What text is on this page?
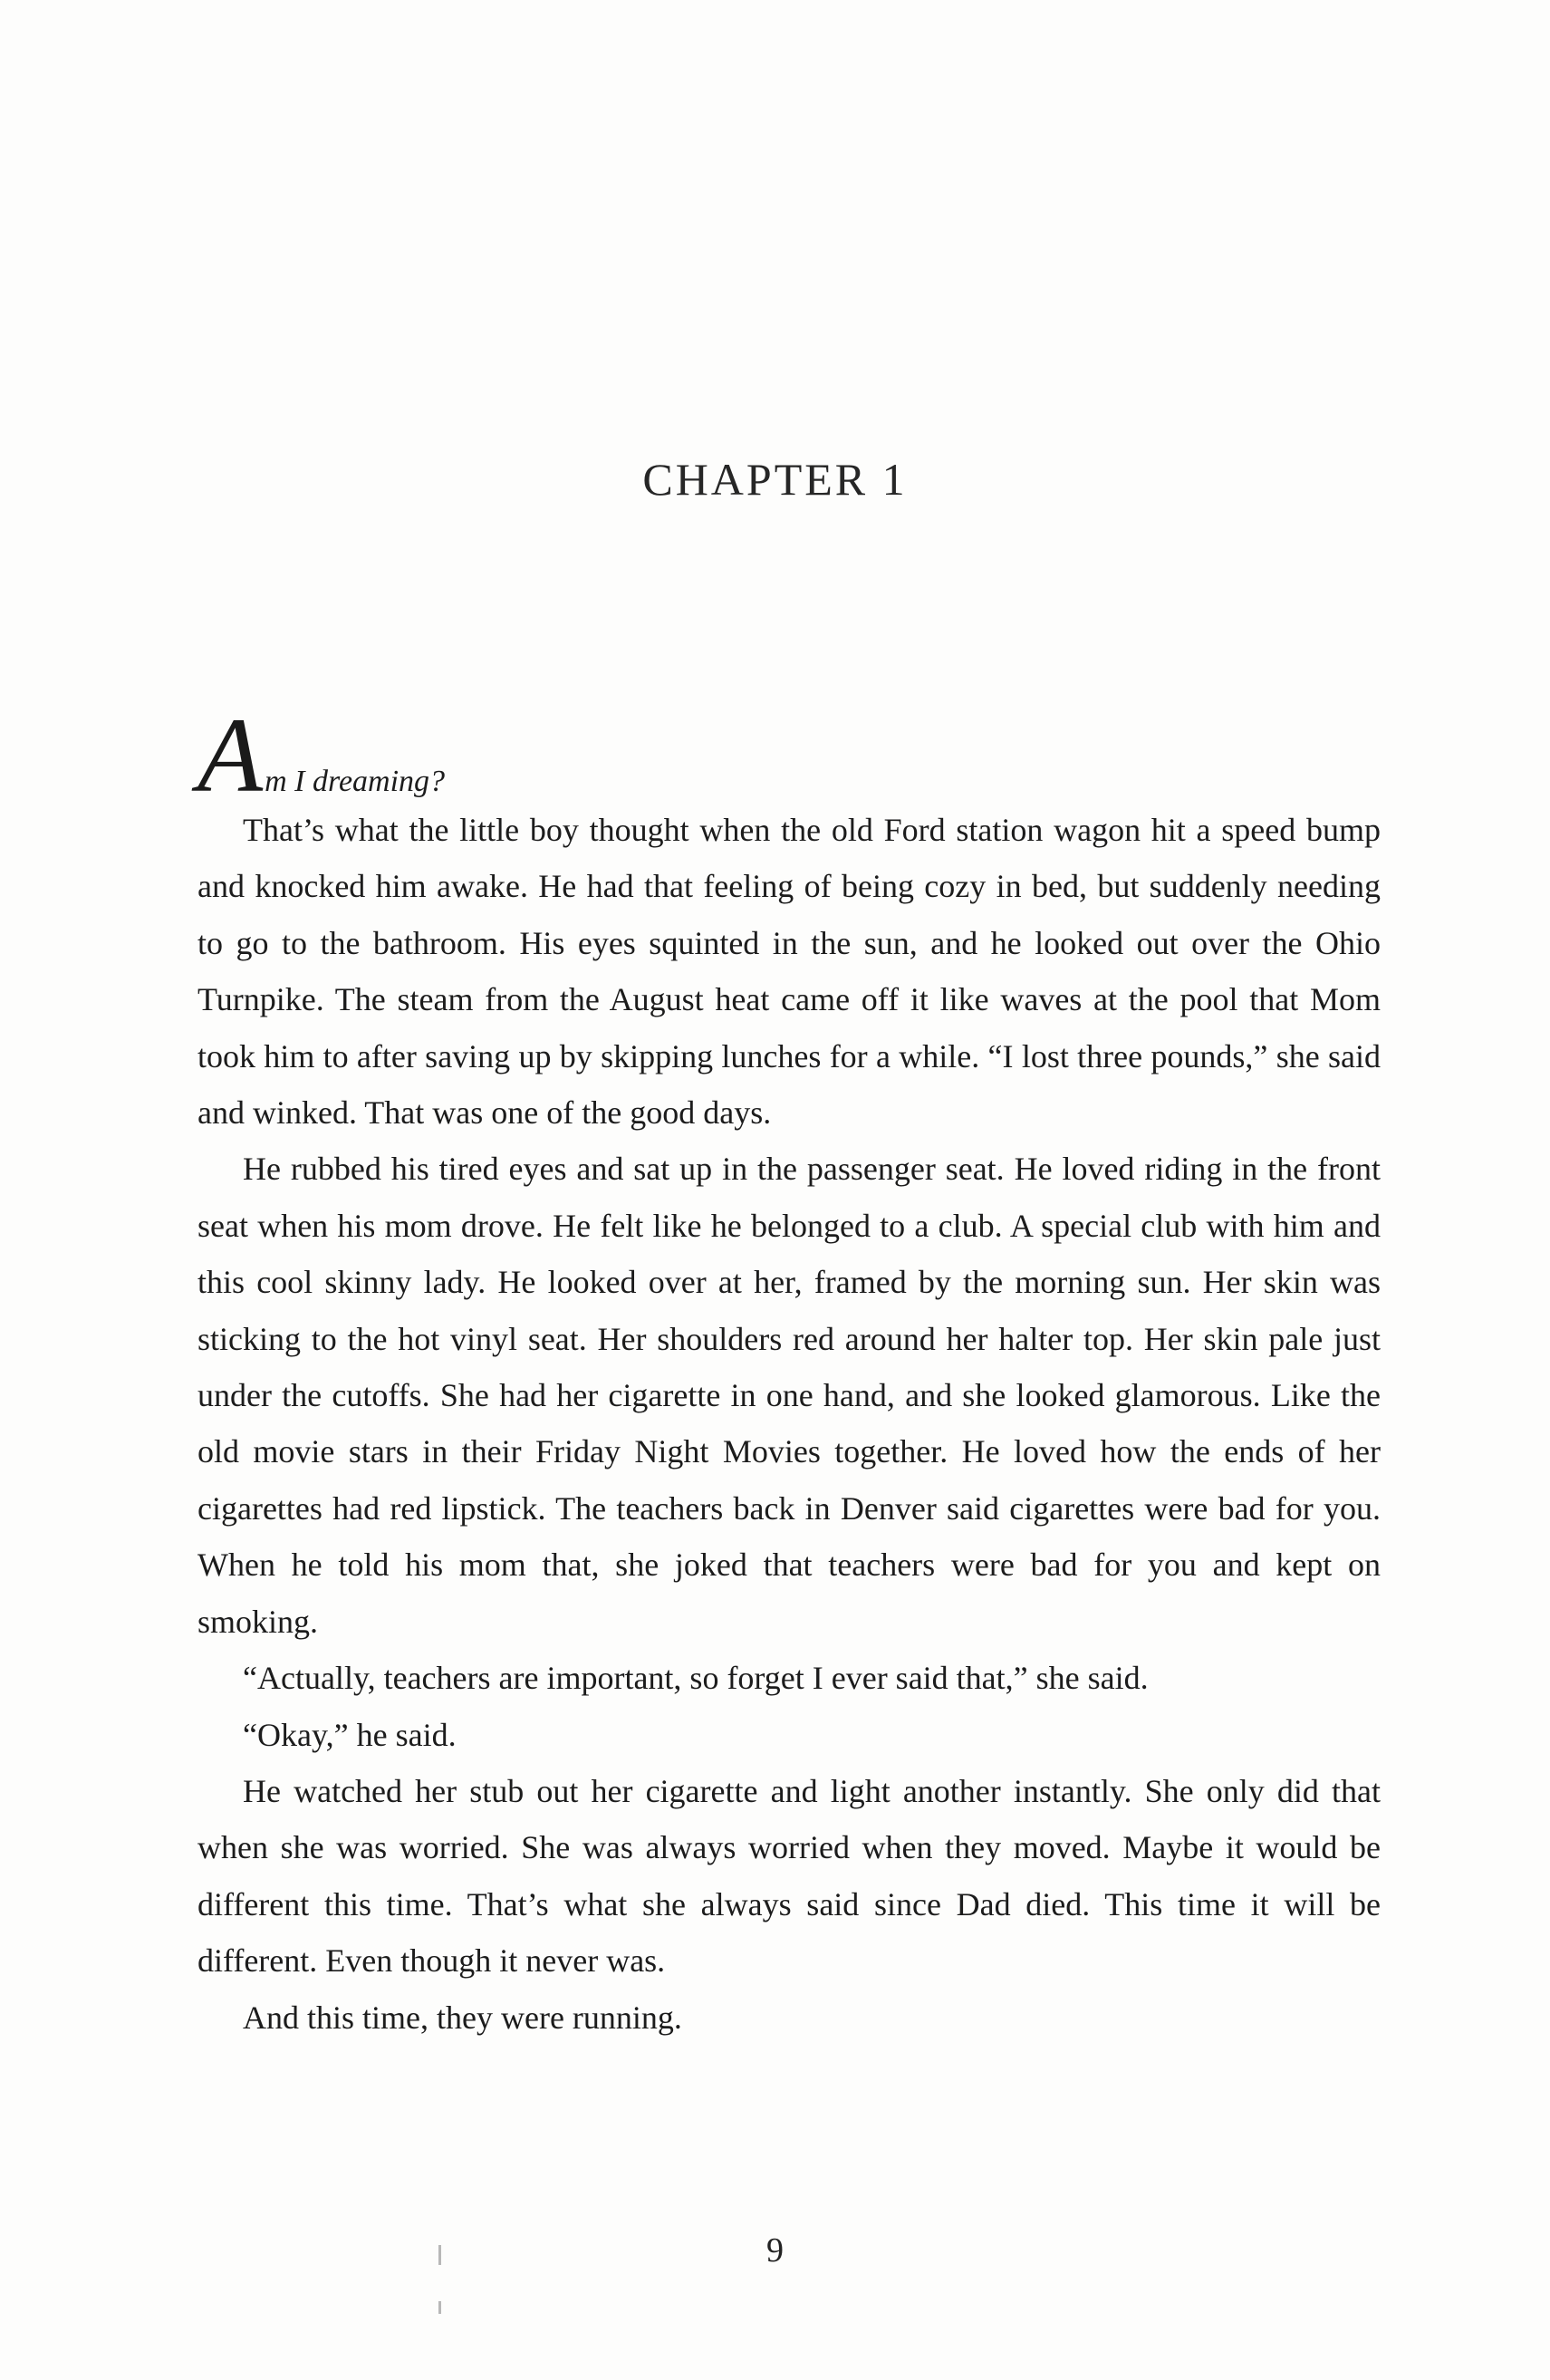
CHAPTER 1

Am I dreaming?

That’s what the little boy thought when the old Ford station wagon hit a speed bump and knocked him awake. He had that feeling of being cozy in bed, but suddenly needing to go to the bathroom. His eyes squinted in the sun, and he looked out over the Ohio Turnpike. The steam from the August heat came off it like waves at the pool that Mom took him to after saving up by skipping lunches for a while. “I lost three pounds,” she said and winked. That was one of the good days.

He rubbed his tired eyes and sat up in the passenger seat. He loved riding in the front seat when his mom drove. He felt like he belonged to a club. A special club with him and this cool skinny lady. He looked over at her, framed by the morning sun. Her skin was sticking to the hot vinyl seat. Her shoulders red around her halter top. Her skin pale just under the cutoffs. She had her cigarette in one hand, and she looked glamorous. Like the old movie stars in their Friday Night Movies together. He loved how the ends of her cigarettes had red lipstick. The teachers back in Denver said cigarettes were bad for you. When he told his mom that, she joked that teachers were bad for you and kept on smoking.

“Actually, teachers are important, so forget I ever said that,” she said.

“Okay,” he said.

He watched her stub out her cigarette and light another instantly. She only did that when she was worried. She was always worried when they moved. Maybe it would be different this time. That’s what she always said since Dad died. This time it will be different. Even though it never was.

And this time, they were running.

9
